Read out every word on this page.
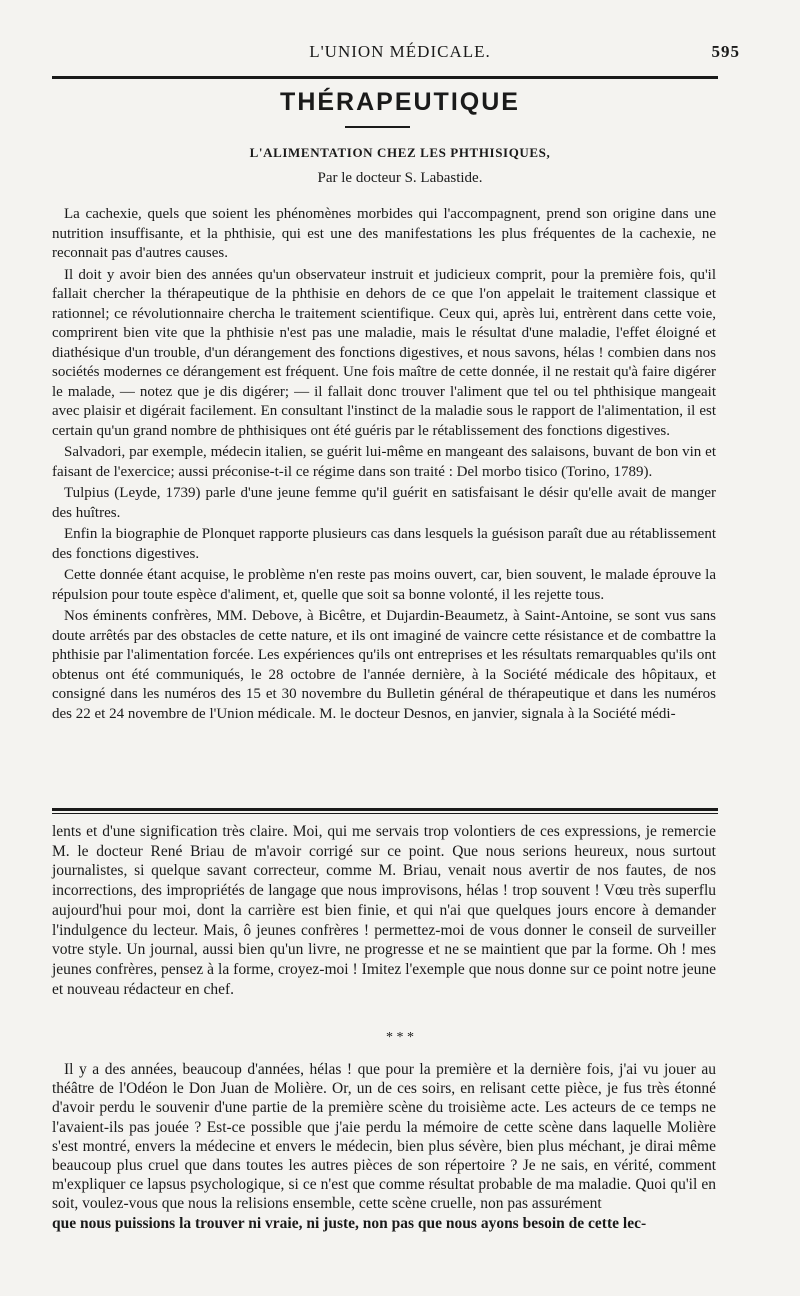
L'UNION MÉDICALE.	595
THÉRAPEUTIQUE
L'ALIMENTATION CHEZ LES PHTHISIQUES,
Par le docteur S. Labastide.

La cachexie, quels que soient les phénomènes morbides qui l'accompagnent, prend son origine dans une nutrition insuffisante, et la phthisie, qui est une des manifestations les plus fréquentes de la cachexie, ne reconnait pas d'autres causes.

Il doit y avoir bien des années qu'un observateur instruit et judicieux comprit, pour la première fois, qu'il fallait chercher la thérapeutique de la phthisie en dehors de ce que l'on appelait le traitement classique et rationnel; ce révolutionnaire chercha le traitement scientifique. Ceux qui, après lui, entrèrent dans cette voie, comprirent bien vite que la phthisie n'est pas une maladie, mais le résultat d'une maladie, l'effet éloigné et diathésique d'un trouble, d'un dérangement des fonctions digestives, et nous savons, hélas ! combien dans nos sociétés modernes ce dérangement est fréquent. Une fois maître de cette donnée, il ne restait qu'à faire digérer le malade, — notez que je dis digérer; — il fallait donc trouver l'aliment que tel ou tel phthisique mangeait avec plaisir et digérait facilement. En consultant l'instinct de la maladie sous le rapport de l'alimentation, il est certain qu'un grand nombre de phthisiques ont été guéris par le rétablissement des fonctions digestives.

Salvadori, par exemple, médecin italien, se guérit lui-même en mangeant des salaisons, buvant de bon vin et faisant de l'exercice; aussi préconise-t-il ce régime dans son traité : Del morbo tisico (Torino, 1789).

Tulpius (Leyde, 1739) parle d'une jeune femme qu'il guérit en satisfaisant le désir qu'elle avait de manger des huîtres.

Enfin la biographie de Plonquet rapporte plusieurs cas dans lesquels la guésison paraît due au rétablissement des fonctions digestives.

Cette donnée étant acquise, le problème n'en reste pas moins ouvert, car, bien souvent, le malade éprouve la répulsion pour toute espèce d'aliment, et, quelle que soit sa bonne volonté, il les rejette tous.

Nos éminents confrères, MM. Debove, à Bicêtre, et Dujardin-Beaumetz, à Saint-Antoine, se sont vus sans doute arrêtés par des obstacles de cette nature, et ils ont imaginé de vaincre cette résistance et de combattre la phthisie par l'alimentation forcée. Les expériences qu'ils ont entreprises et les résultats remarquables qu'ils ont obtenus ont été communiqués, le 28 octobre de l'année dernière, à la Société médicale des hôpitaux, et consigné dans les numéros des 15 et 30 novembre du Bulletin général de thérapeutique et dans les numéros des 22 et 24 novembre de l'Union médicale. M. le docteur Desnos, en janvier, signala à la Société médi-

lents et d'une signification très claire. Moi, qui me servais trop volontiers de ces expressions, je remercie M. le docteur René Briau de m'avoir corrigé sur ce point. Que nous serions heureux, nous surtout journalistes, si quelque savant correcteur, comme M. Briau, venait nous avertir de nos fautes, de nos incorrections, des impropriétés de langage que nous improvisons, hélas ! trop souvent ! Vœu très superflu aujourd'hui pour moi, dont la carrière est bien finie, et qui n'ai que quelques jours encore à demander l'indulgence du lecteur. Mais, ô jeunes confrères ! permettez-moi de vous donner le conseil de surveiller votre style. Un journal, aussi bien qu'un livre, ne progresse et ne se maintient que par la forme. Oh ! mes jeunes confrères, pensez à la forme, croyez-moi ! Imitez l'exemple que nous donne sur ce point notre jeune et nouveau rédacteur en chef.

* * *

Il y a des années, beaucoup d'années, hélas ! que pour la première et la dernière fois, j'ai vu jouer au théâtre de l'Odéon le Don Juan de Molière. Or, un de ces soirs, en relisant cette pièce, je fus très étonné d'avoir perdu le souvenir d'une partie de la première scène du troisième acte. Les acteurs de ce temps ne l'avaient-ils pas jouée ? Est-ce possible que j'aie perdu la mémoire de cette scène dans laquelle Molière s'est montré, envers la médecine et envers le médecin, bien plus sévère, bien plus méchant, je dirai même beaucoup plus cruel que dans toutes les autres pièces de son répertoire ? Je ne sais, en vérité, comment m'expliquer ce lapsus psychologique, si ce n'est que comme résultat probable de ma maladie. Quoi qu'il en soit, voulez-vous que nous la relisions ensemble, cette scène cruelle, non pas assurément

que nous puissions la trouver ni vraie, ni juste, non pas que nous ayons besoin de cette lec-
